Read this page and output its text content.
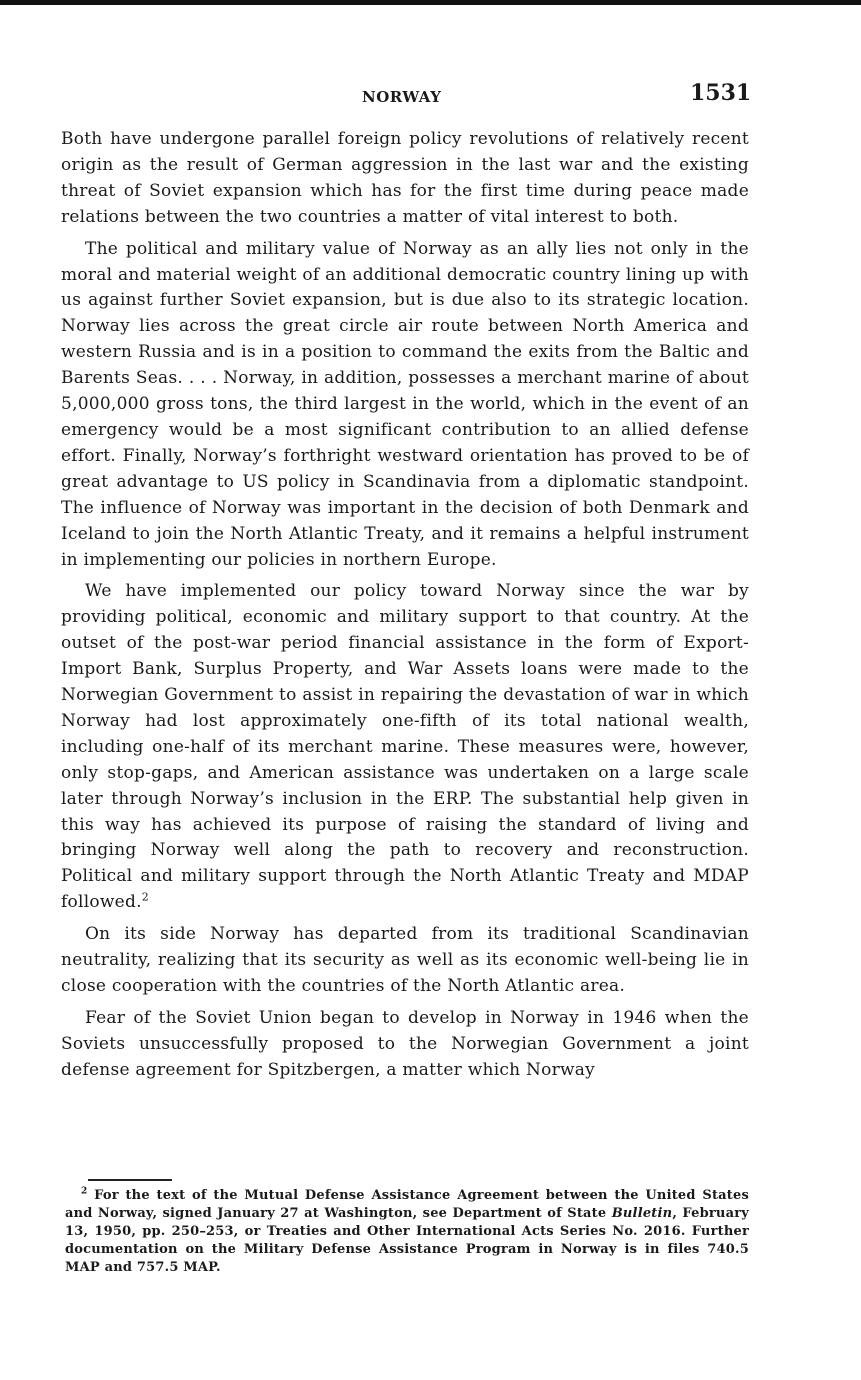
NORWAY	1531

Both have undergone parallel foreign policy revolutions of relatively recent origin as the result of German aggression in the last war and the existing threat of Soviet expansion which has for the first time during peace made relations between the two countries a matter of vital interest to both.

The political and military value of Norway as an ally lies not only in the moral and material weight of an additional democratic country lining up with us against further Soviet expansion, but is due also to its strategic location. Norway lies across the great circle air route between North America and western Russia and is in a position to command the exits from the Baltic and Barents Seas. . . . Norway, in addition, possesses a merchant marine of about 5,000,000 gross tons, the third largest in the world, which in the event of an emergency would be a most significant contribution to an allied defense effort. Finally, Norway’s forthright westward orientation has proved to be of great advantage to US policy in Scandinavia from a diplomatic standpoint. The influence of Norway was important in the decision of both Denmark and Iceland to join the North Atlantic Treaty, and it remains a helpful instrument in implementing our policies in northern Europe.

We have implemented our policy toward Norway since the war by providing political, economic and military support to that country. At the outset of the post-war period financial assistance in the form of Export-Import Bank, Surplus Property, and War Assets loans were made to the Norwegian Government to assist in repairing the devastation of war in which Norway had lost approximately one-fifth of its total national wealth, including one-half of its merchant marine. These measures were, however, only stop-gaps, and American assistance was undertaken on a large scale later through Norway’s inclusion in the ERP. The substantial help given in this way has achieved its purpose of raising the standard of living and bringing Norway well along the path to recovery and reconstruction. Political and military support through the North Atlantic Treaty and MDAP followed.$^2$

On its side Norway has departed from its traditional Scandinavian neutrality, realizing that its security as well as its economic well-being lie in close cooperation with the countries of the North Atlantic area.

Fear of the Soviet Union began to develop in Norway in 1946 when the Soviets unsuccessfully proposed to the Norwegian Government a joint defense agreement for Spitzbergen, a matter which Norway

$^2$ For the text of the Mutual Defense Assistance Agreement between the United States and Norway, signed January 27 at Washington, see Department of State Bulletin, February 13, 1950, pp. 250–253, or Treaties and Other International Acts Series No. 2016. Further documentation on the Military Defense Assistance Program in Norway is in files 740.5 MAP and 757.5 MAP.
